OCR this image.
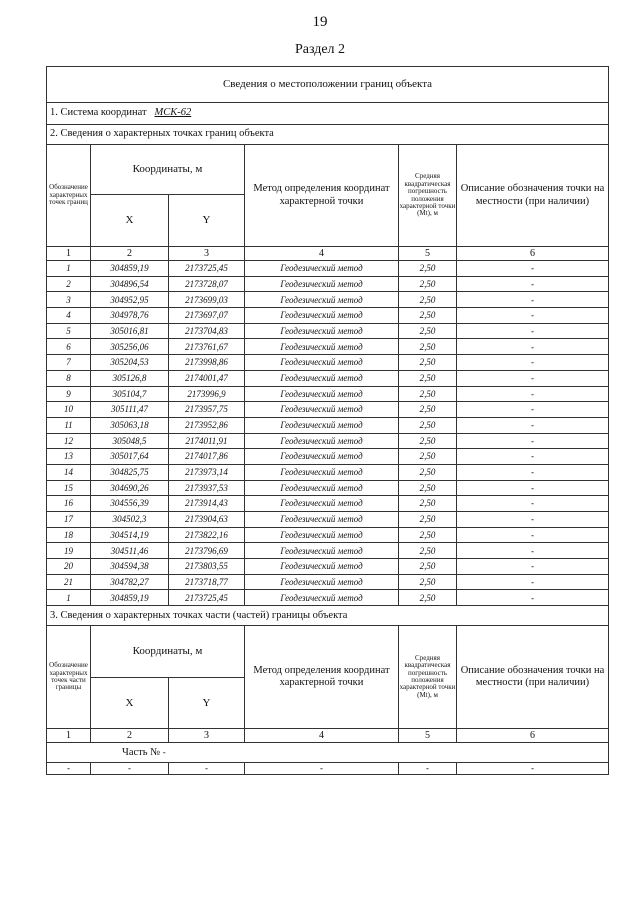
19
Раздел 2
Сведения о местоположении границ объекта					
1. Система координат МСК-62					
2. Сведения о характерных точках границ объекта					
Обозначение характерных точек границ	Координаты, м		Метод определения координат характерной точки	Средняя квадратическая погрешность положения характерной точки (Mt), м	Описание обозначения точки на местности (при наличии)
	X	Y			
1	2	3	4	5	6
1	304859,19	2173725,45	Геодезический метод	2,50	-
2	304896,54	2173728,07	Геодезический метод	2,50	-
3	304952,95	2173699,03	Геодезический метод	2,50	-
4	304978,76	2173697,07	Геодезический метод	2,50	-
5	305016,81	2173704,83	Геодезический метод	2,50	-
6	305256,06	2173761,67	Геодезический метод	2,50	-
7	305204,53	2173998,86	Геодезический метод	2,50	-
8	305126,8	2174001,47	Геодезический метод	2,50	-
9	305104,7	2173996,9	Геодезический метод	2,50	-
10	305111,47	2173957,75	Геодезический метод	2,50	-
11	305063,18	2173952,86	Геодезический метод	2,50	-
12	305048,5	2174011,91	Геодезический метод	2,50	-
13	305017,64	2174017,86	Геодезический метод	2,50	-
14	304825,75	2173973,14	Геодезический метод	2,50	-
15	304690,26	2173937,53	Геодезический метод	2,50	-
16	304556,39	2173914,43	Геодезический метод	2,50	-
17	304502,3	2173904,63	Геодезический метод	2,50	-
18	304514,19	2173822,16	Геодезический метод	2,50	-
19	304511,46	2173796,69	Геодезический метод	2,50	-
20	304594,38	2173803,55	Геодезический метод	2,50	-
21	304782,27	2173718,77	Геодезический метод	2,50	-
1	304859,19	2173725,45	Геодезический метод	2,50	-
3. Сведения о характерных точках части (частей) границы объекта					
Обозначение характерных точек части границы	Координаты, м		Метод определения координат характерной точки	Средняя квадратическая погрешность положения характерной точки (Mt), м	Описание обозначения точки на местности (при наличии)
	X	Y			
1	2	3	4	5	6
Часть № -					
-	-	-	-	-	-
